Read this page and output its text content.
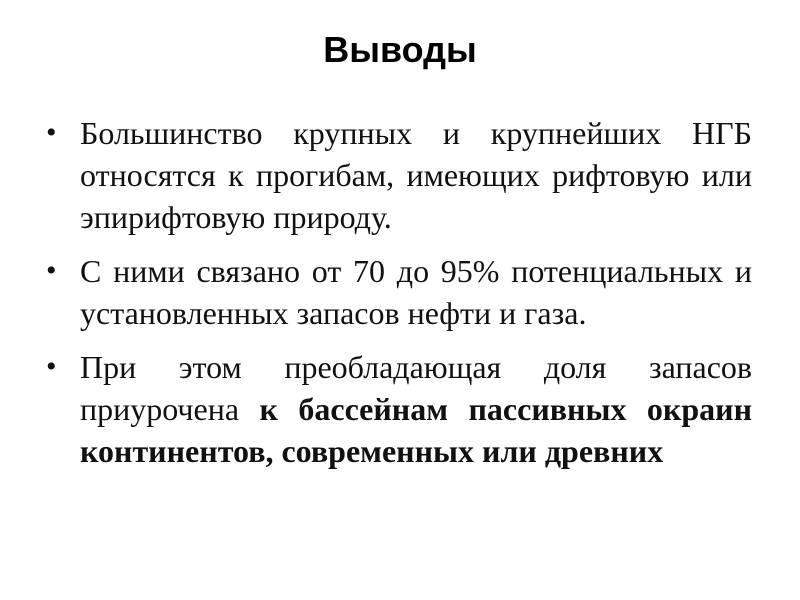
Выводы
• Большинство крупных и крупнейших НГБ относятся к прогибам, имеющих рифтовую или эпирифтовую природу.
• С ними связано от 70 до 95% потенциальных и установленных запасов нефти и газа.
• При этом преобладающая доля запасов приурочена к бассейнам пассивных окраин континентов, современных или древних
